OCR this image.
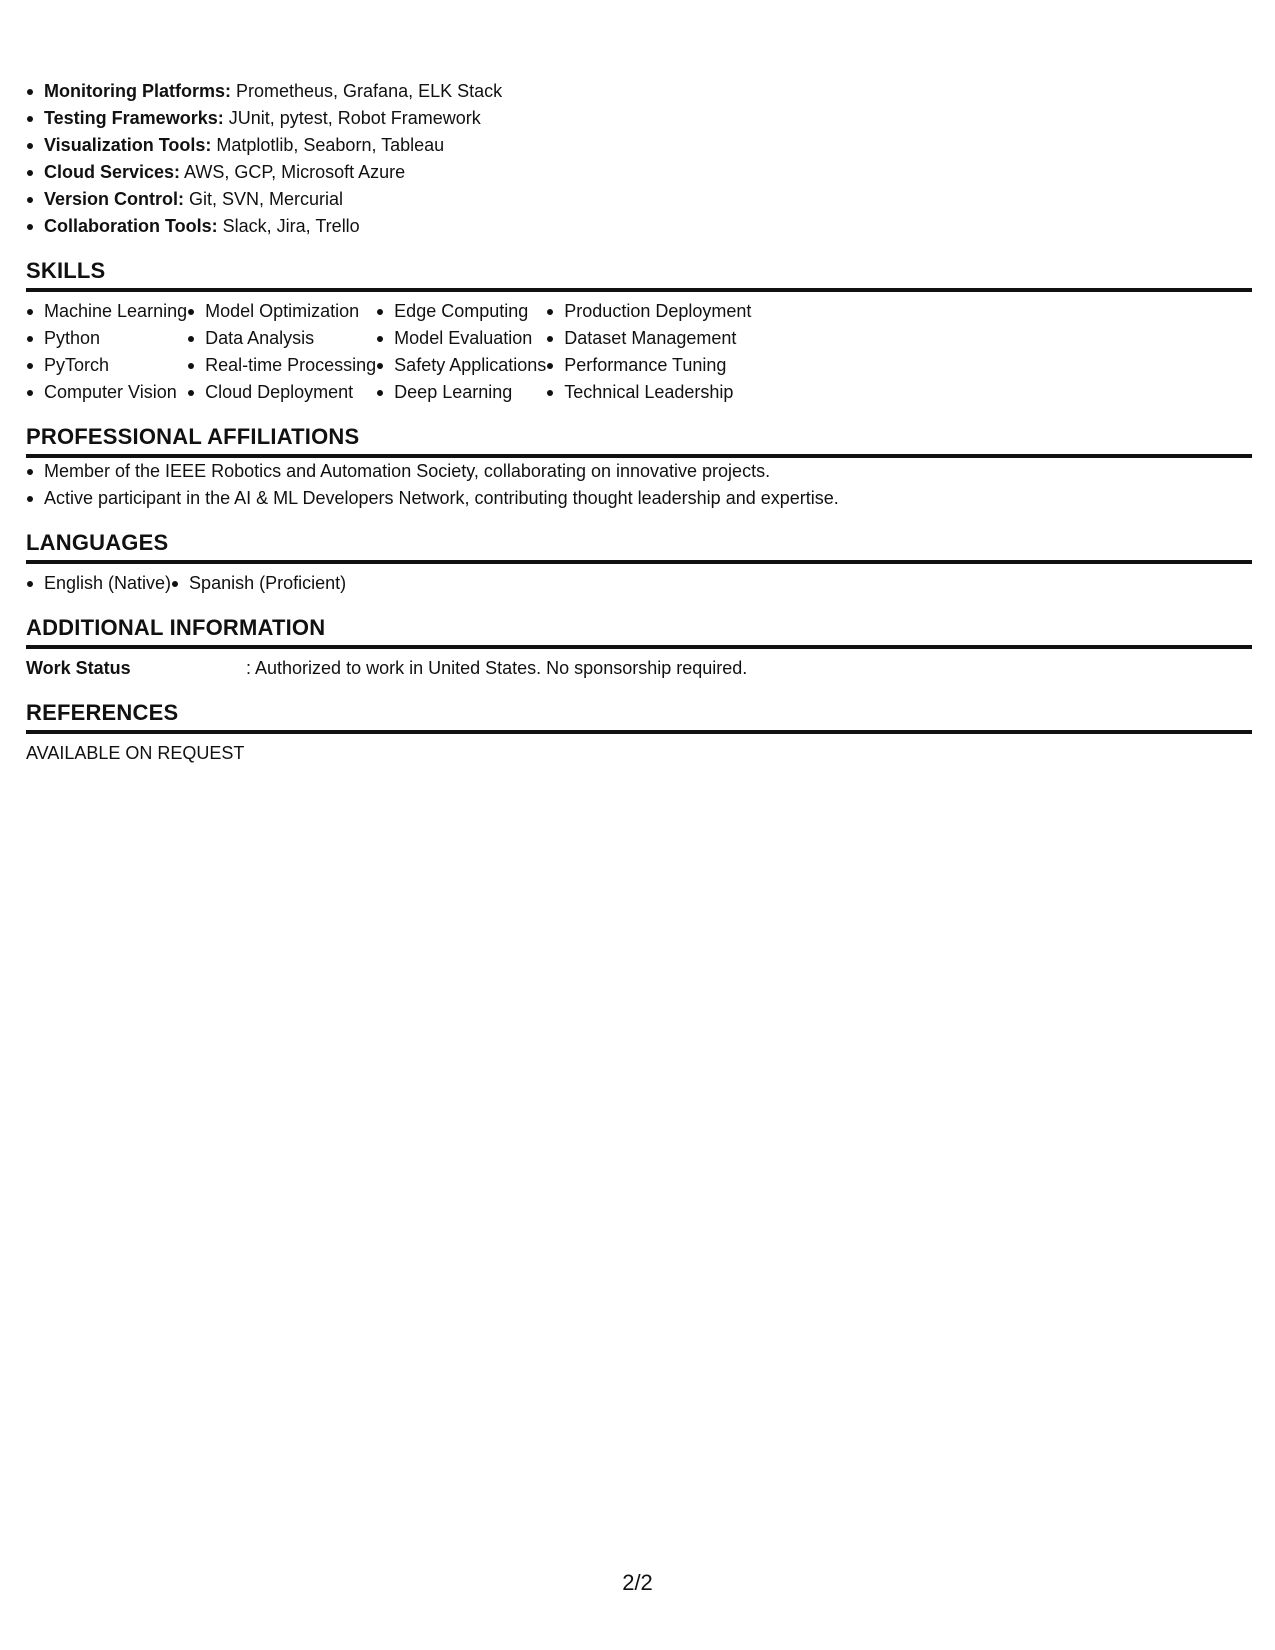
Monitoring Platforms: Prometheus, Grafana, ELK Stack
Testing Frameworks: JUnit, pytest, Robot Framework
Visualization Tools: Matplotlib, Seaborn, Tableau
Cloud Services: AWS, GCP, Microsoft Azure
Version Control: Git, SVN, Mercurial
Collaboration Tools: Slack, Jira, Trello
SKILLS
Machine Learning
Python
PyTorch
Computer Vision
Model Optimization
Data Analysis
Real-time Processing
Cloud Deployment
Edge Computing
Model Evaluation
Safety Applications
Deep Learning
Production Deployment
Dataset Management
Performance Tuning
Technical Leadership
PROFESSIONAL AFFILIATIONS
Member of the IEEE Robotics and Automation Society, collaborating on innovative projects.
Active participant in the AI & ML Developers Network, contributing thought leadership and expertise.
LANGUAGES
English (Native)	Spanish (Proficient)
ADDITIONAL INFORMATION
Work Status	: Authorized to work in United States. No sponsorship required.
REFERENCES
AVAILABLE ON REQUEST
2/2
